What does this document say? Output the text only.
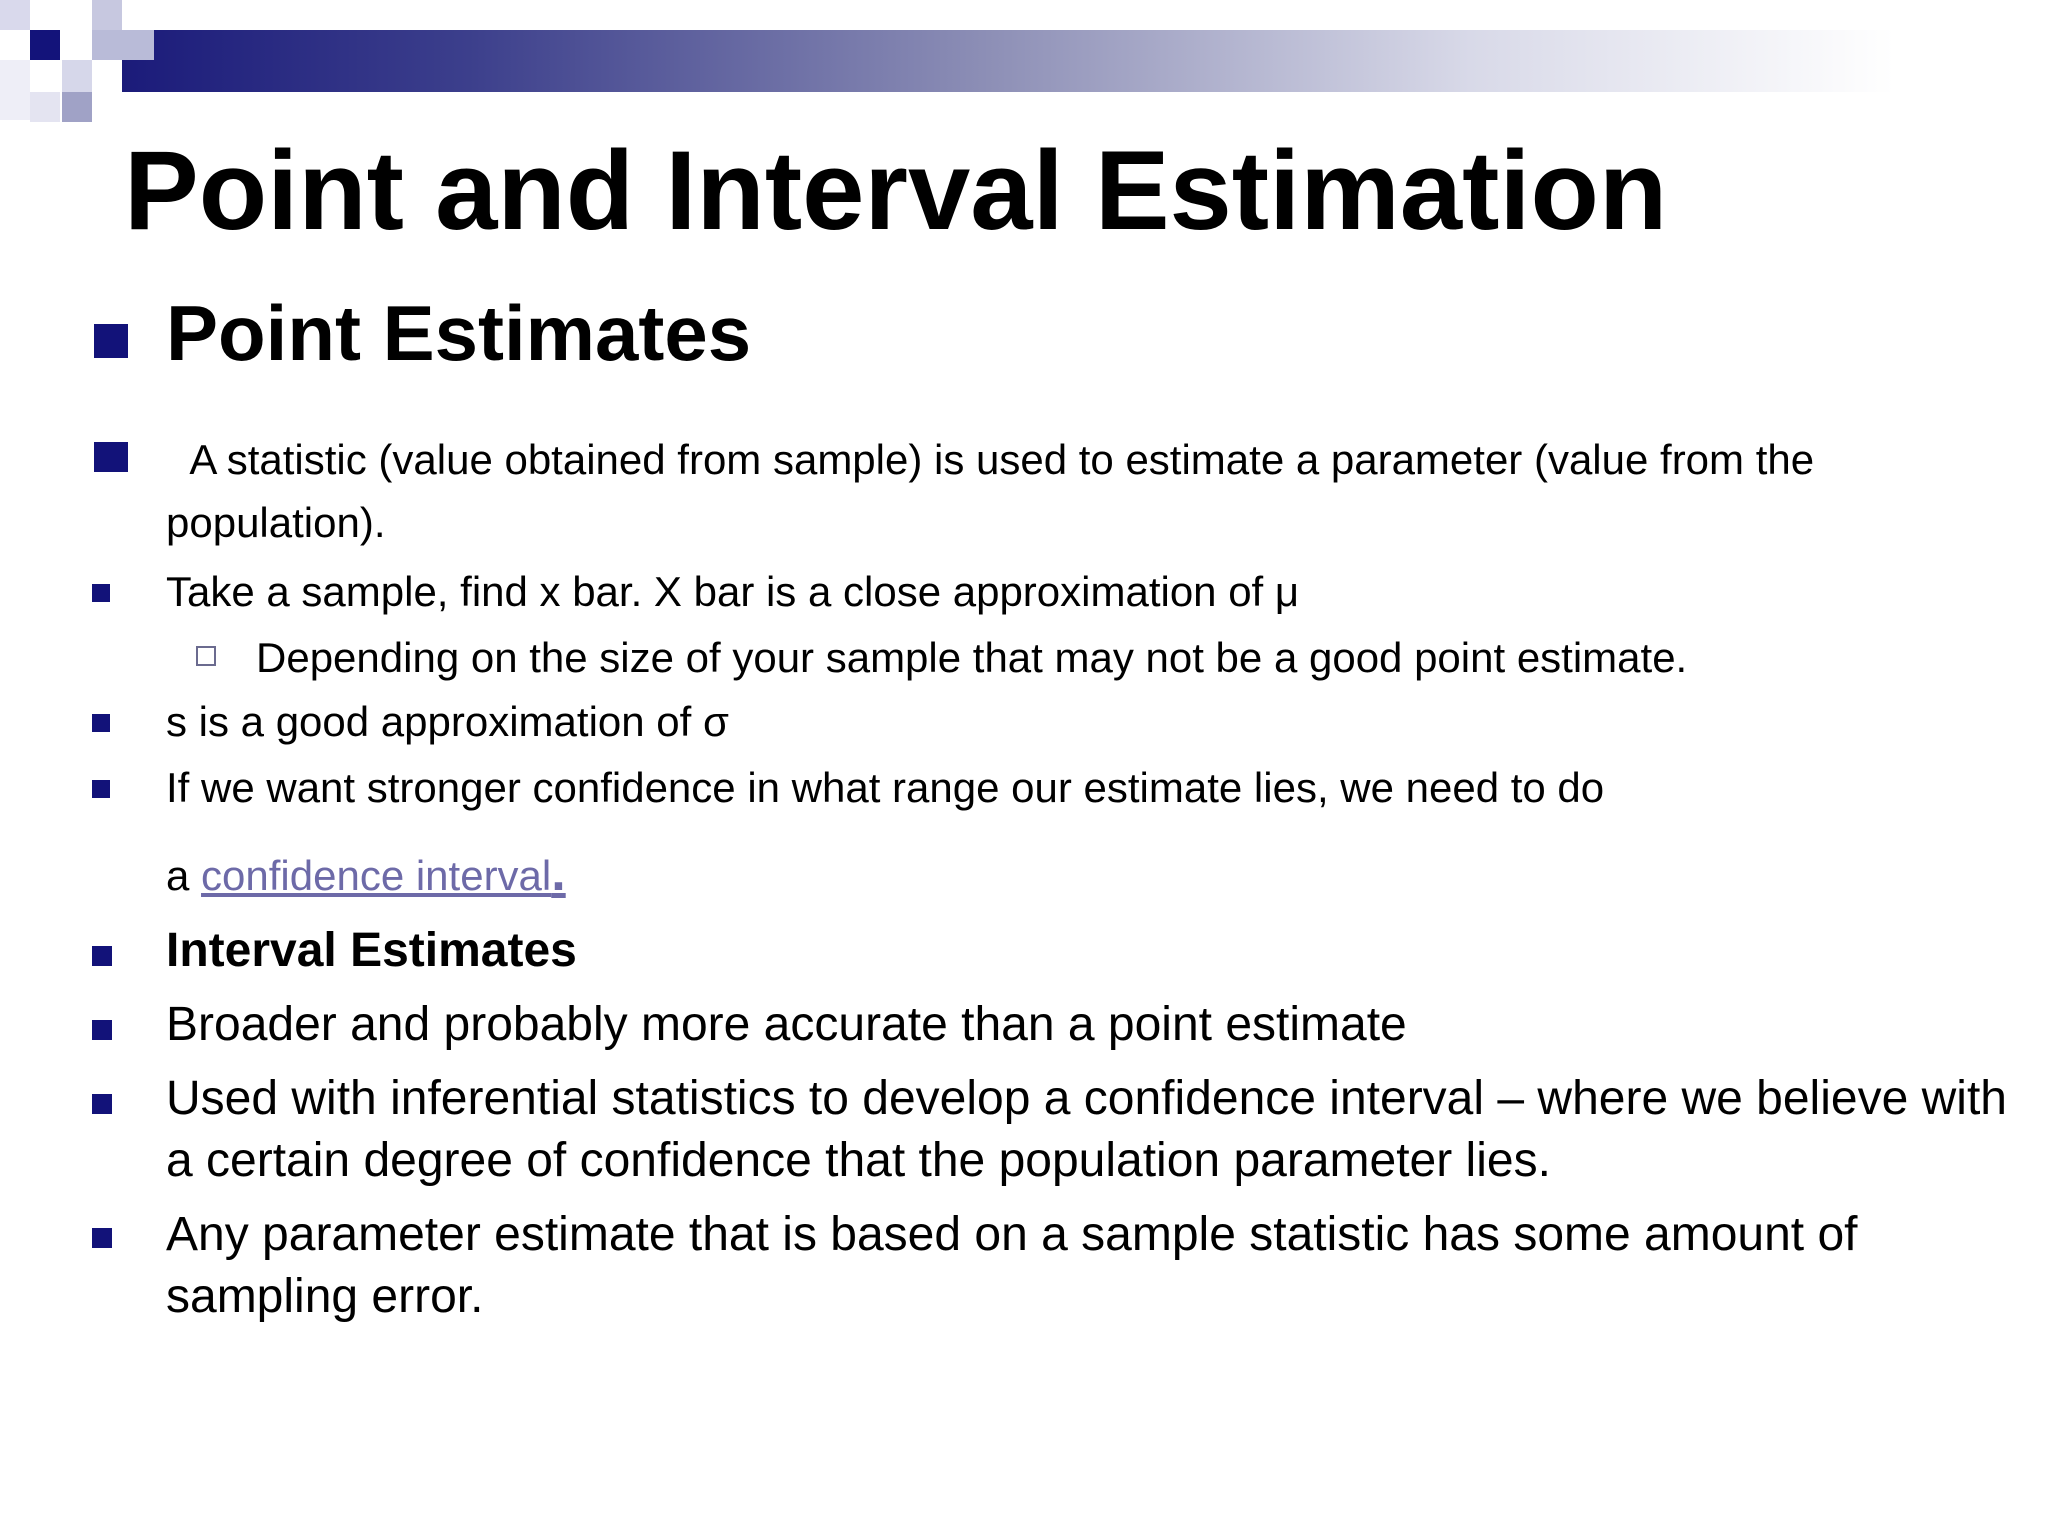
Point and Interval Estimation
Point Estimates
A statistic (value obtained from sample) is used to estimate a parameter (value from the population).
Take a sample, find x bar. X bar is a close approximation of μ
Depending on the size of your sample that may not be a good point estimate.
s is a good approximation of σ
If we want stronger confidence in what range our estimate lies, we need to do
a confidence interval.
Interval Estimates
Broader and probably more accurate than a point estimate
Used with inferential statistics to develop a confidence interval – where we believe with a certain degree of confidence that the population parameter lies.
Any parameter estimate that is based on a sample statistic has some amount of sampling error.
